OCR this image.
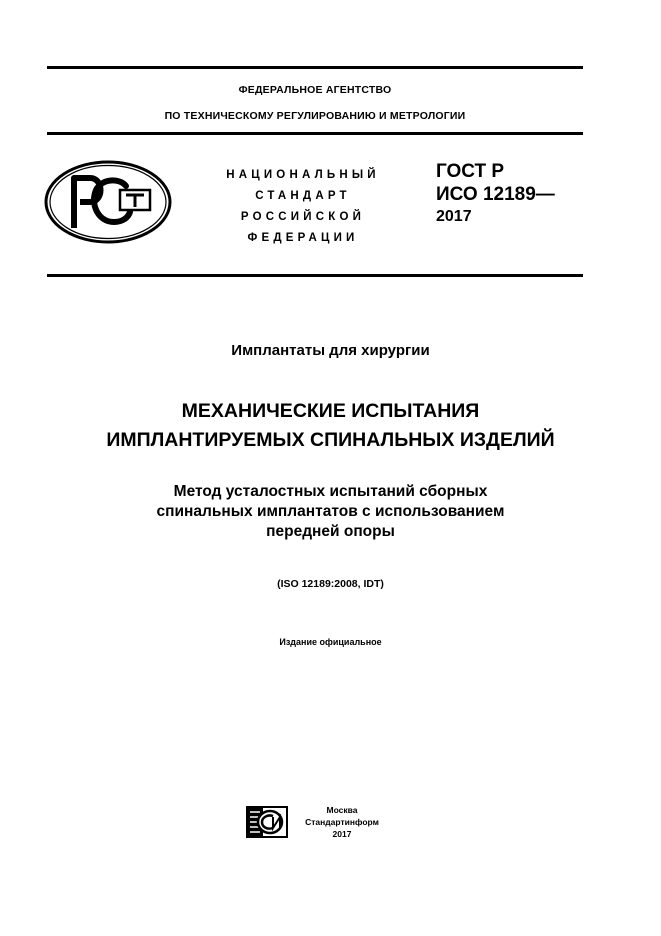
ФЕДЕРАЛЬНОЕ АГЕНТСТВО
ПО ТЕХНИЧЕСКОМУ РЕГУЛИРОВАНИЮ И МЕТРОЛОГИИ
НАЦИОНАЛЬНЫЙ
СТАНДАРТ
РОССИЙСКОЙ
ФЕДЕРАЦИИ
ГОСТ Р
ИСО 12189—
2017
Имплантаты для хирургии
МЕХАНИЧЕСКИЕ ИСПЫТАНИЯ
ИМПЛАНТИРУЕМЫХ СПИНАЛЬНЫХ ИЗДЕЛИЙ
Метод усталостных испытаний сборных
спинальных имплантатов с использованием
передней опоры
(ISO 12189:2008, IDT)
Издание официальное
Москва
Стандартинформ
2017
